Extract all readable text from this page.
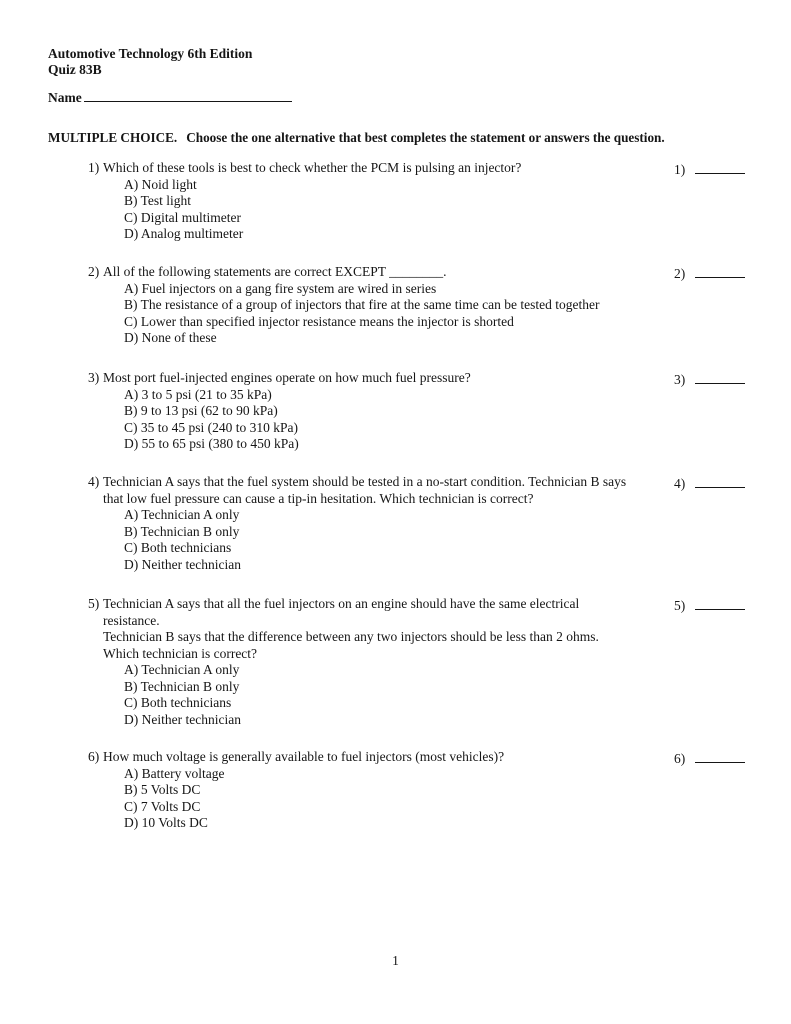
Automotive Technology 6th Edition
Quiz 83B
Name
MULTIPLE CHOICE. Choose the one alternative that best completes the statement or answers the question.
1) Which of these tools is best to check whether the PCM is pulsing an injector?
A) Noid light
B) Test light
C) Digital multimeter
D) Analog multimeter
1)
2) All of the following statements are correct EXCEPT ________.
A) Fuel injectors on a gang fire system are wired in series
B) The resistance of a group of injectors that fire at the same time can be tested together
C) Lower than specified injector resistance means the injector is shorted
D) None of these
2)
3) Most port fuel-injected engines operate on how much fuel pressure?
A) 3 to 5 psi (21 to 35 kPa)
B) 9 to 13 psi (62 to 90 kPa)
C) 35 to 45 psi (240 to 310 kPa)
D) 55 to 65 psi (380 to 450 kPa)
3)
4) Technician A says that the fuel system should be tested in a no-start condition. Technician B says
that low fuel pressure can cause a tip-in hesitation. Which technician is correct?
A) Technician A only
B) Technician B only
C) Both technicians
D) Neither technician
4)
5) Technician A says that all the fuel injectors on an engine should have the same electrical
resistance.
Technician B says that the difference between any two injectors should be less than 2 ohms.
Which technician is correct?
A) Technician A only
B) Technician B only
C) Both technicians
D) Neither technician
5)
6) How much voltage is generally available to fuel injectors (most vehicles)?
A) Battery voltage
B) 5 Volts DC
C) 7 Volts DC
D) 10 Volts DC
6)
1
